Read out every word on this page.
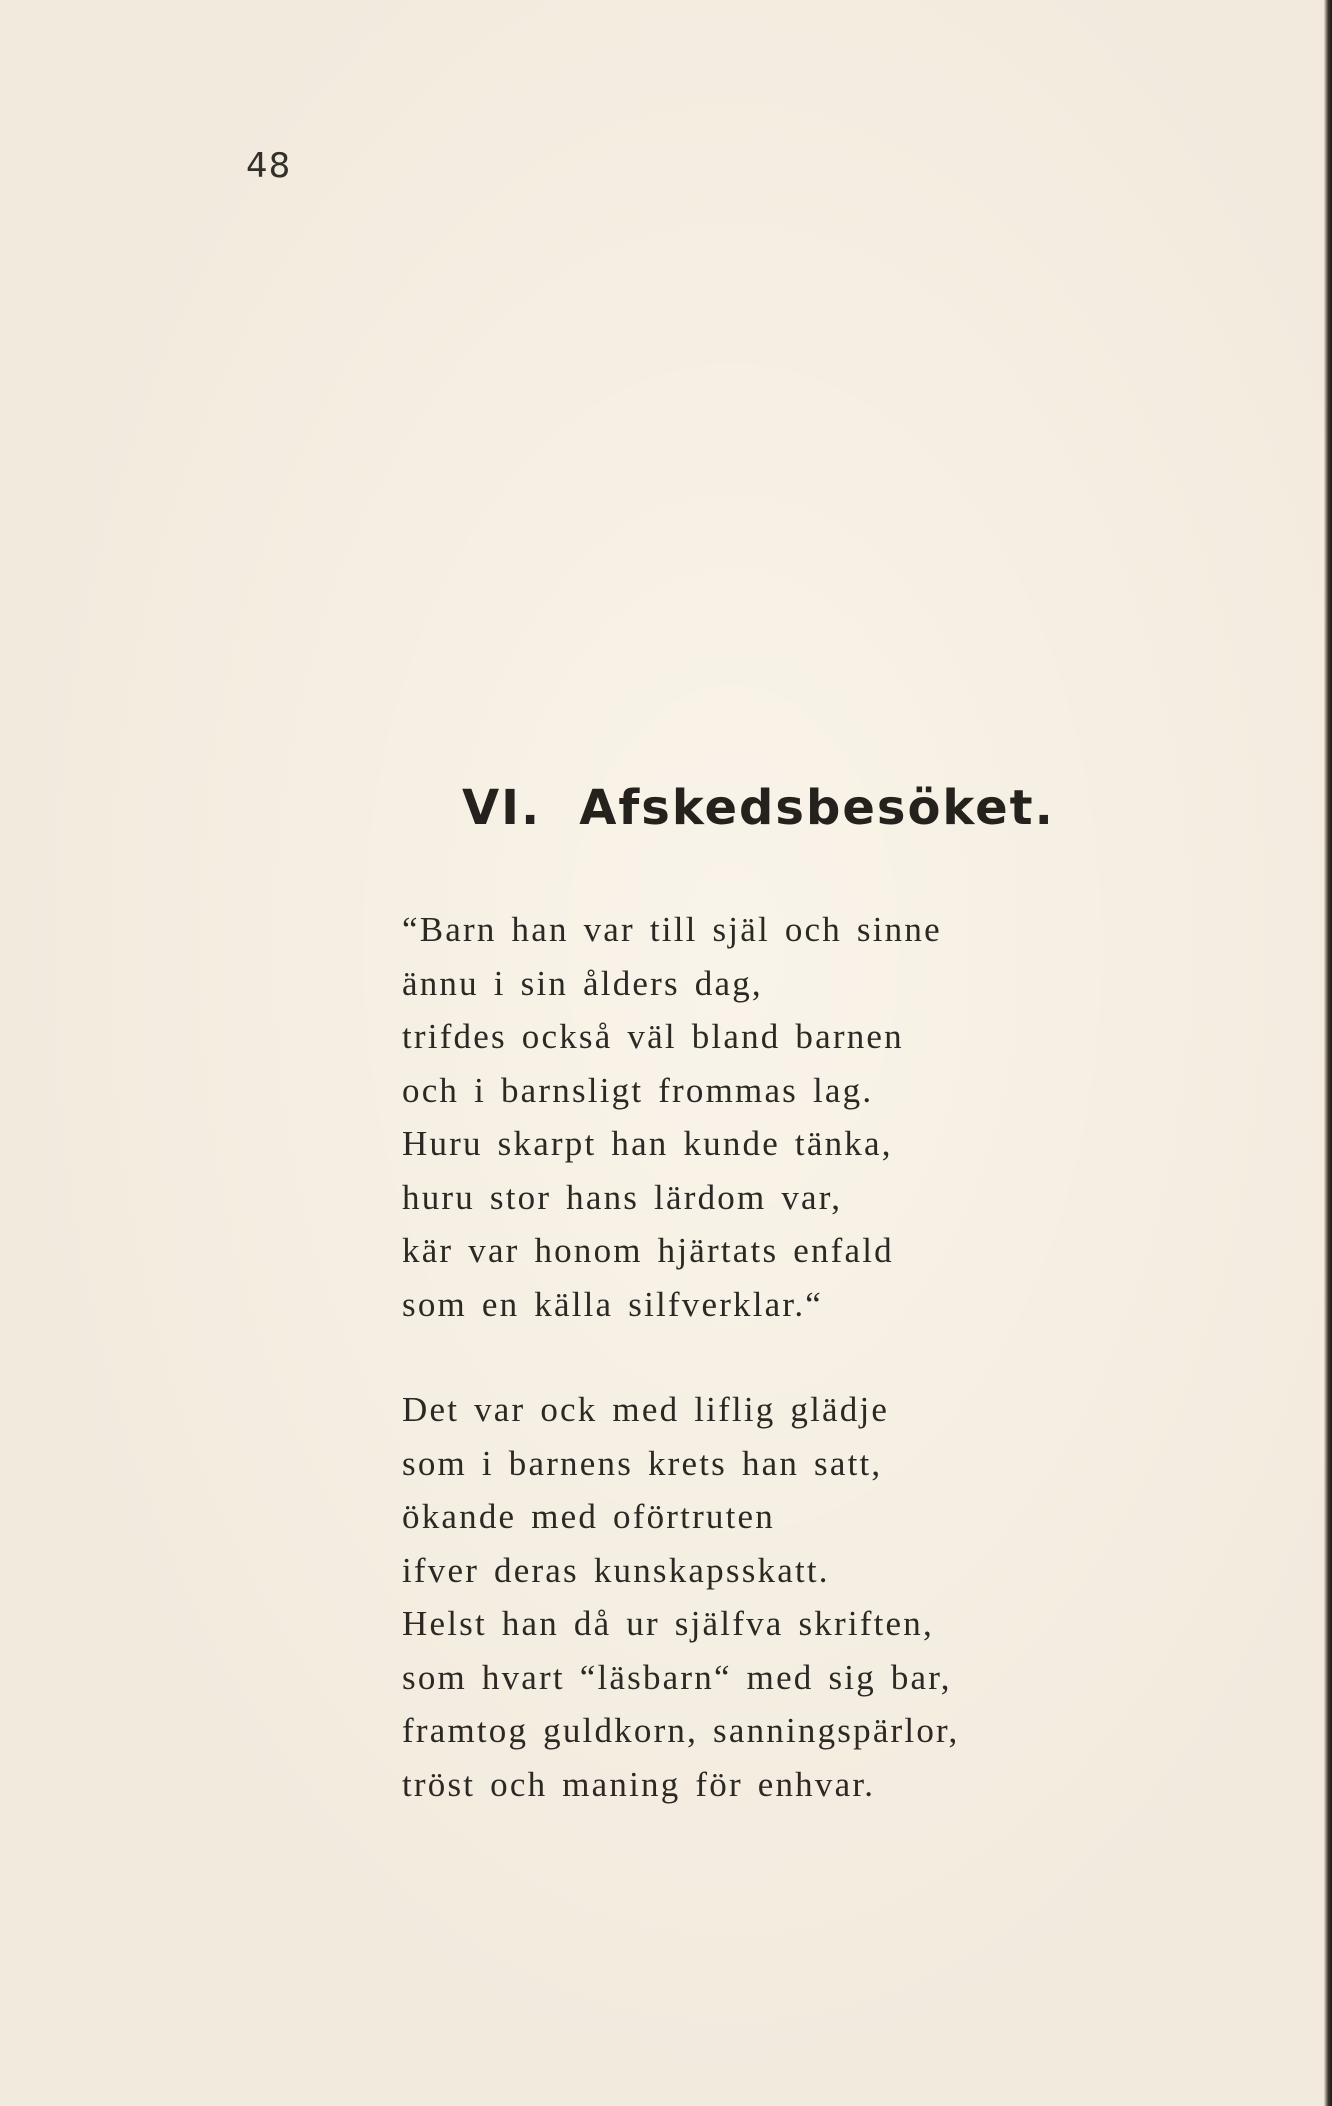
48
VI. Afskedsbesöket.
“Barn han var till själ och sinne
ännu i sin ålders dag,
trifdes också väl bland barnen
och i barnsligt frommas lag.
Huru skarpt han kunde tänka,
huru stor hans lärdom var,
kär var honom hjärtats enfald
som en källa silfverklar.“
Det var ock med liflig glädje
som i barnens krets han satt,
ökande med oförtruten
ifver deras kunskapsskatt.
Helst han då ur själfva skriften,
som hvart “läsbarn“ med sig bar,
framtog guldkorn, sanningspärlor,
tröst och maning för enhvar.
